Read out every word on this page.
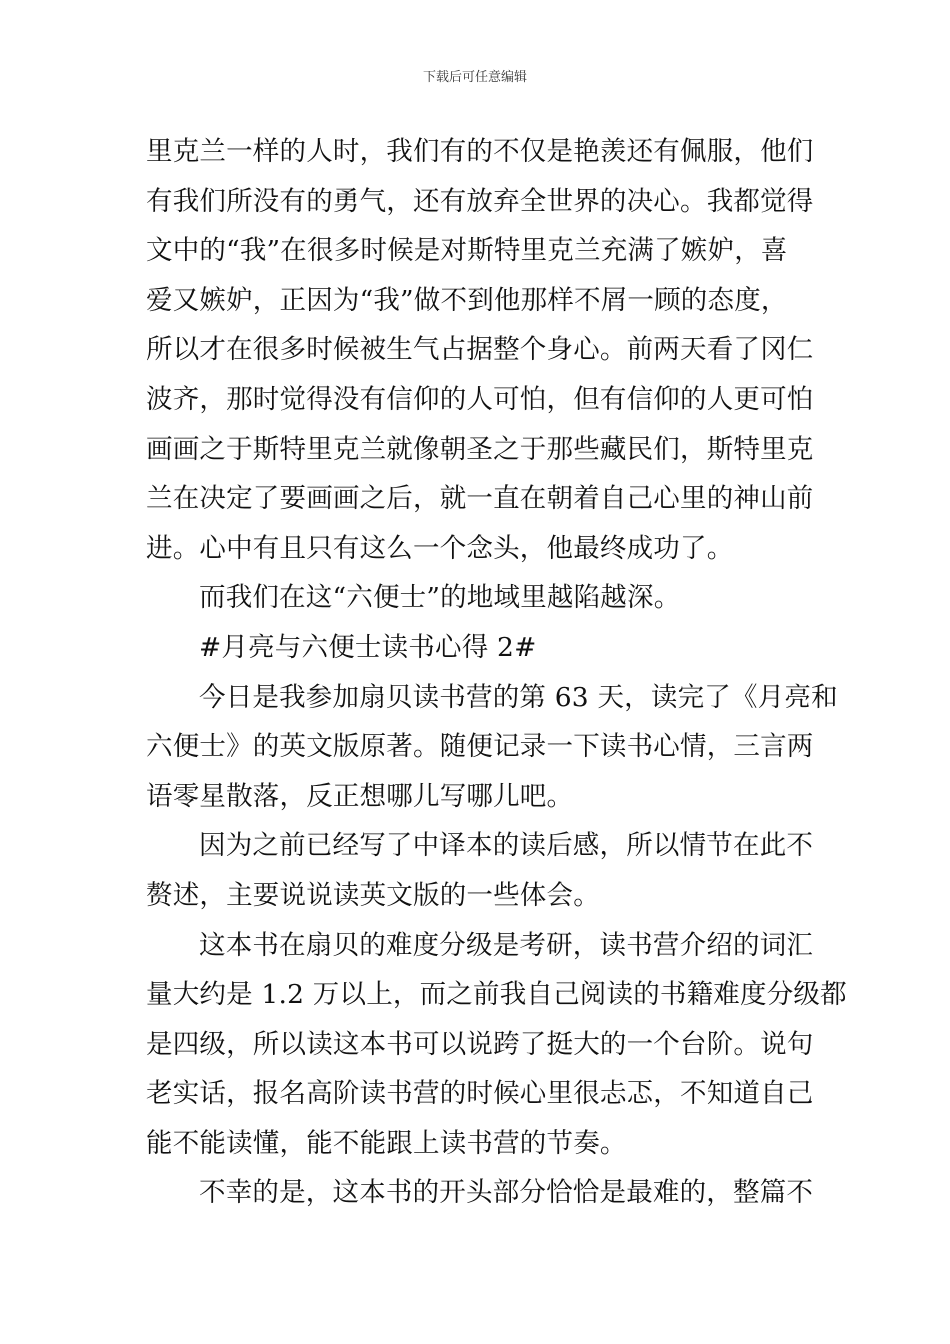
下载后可任意编辑
里克兰一样的人时，我们有的不仅是艳羡还有佩服，他们
有我们所没有的勇气，还有放弃全世界的决心。我都觉得
文中的“我”在很多时候是对斯特里克兰充满了嫉妒，喜
爱又嫉妒，正因为“我”做不到他那样不屑一顾的态度，
所以才在很多时候被生气占据整个身心。前两天看了冈仁
波齐，那时觉得没有信仰的人可怕，但有信仰的人更可怕
画画之于斯特里克兰就像朝圣之于那些藏民们，斯特里克
兰在决定了要画画之后，就一直在朝着自己心里的神山前
进。心中有且只有这么一个念头，他最终成功了。
而我们在这“六便士”的地域里越陷越深。
#月亮与六便士读书心得 2#
今日是我参加扇贝读书营的第 63 天，读完了《月亮和
六便士》的英文版原著。随便记录一下读书心情，三言两
语零星散落，反正想哪儿写哪儿吧。
因为之前已经写了中译本的读后感，所以情节在此不
赘述，主要说说读英文版的一些体会。
这本书在扇贝的难度分级是考研，读书营介绍的词汇
量大约是 1.2 万以上，而之前我自己阅读的书籍难度分级都
是四级，所以读这本书可以说跨了挺大的一个台阶。说句
老实话，报名高阶读书营的时候心里很忐忑，不知道自己
能不能读懂，能不能跟上读书营的节奏。
不幸的是，这本书的开头部分恰恰是最难的，整篇不
